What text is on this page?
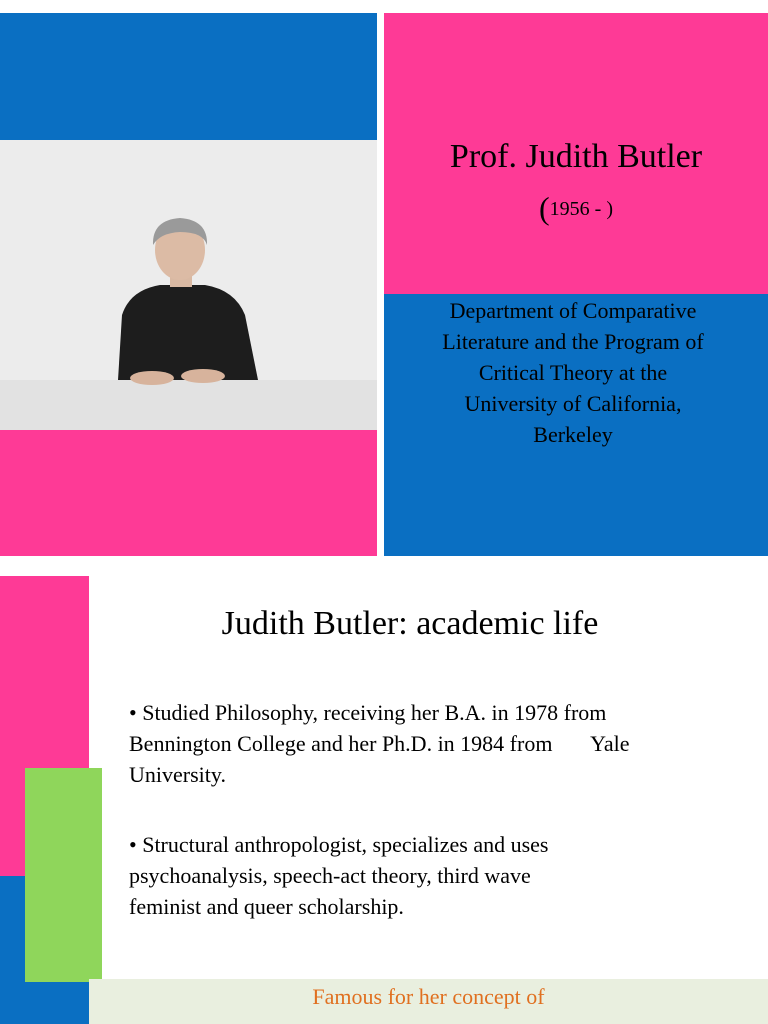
Prof. Judith Butler
(1956 - )
Department of Comparative
Literature and the Program of
Critical Theory at the
University of California,
Berkeley
Judith Butler: academic life
• Studied Philosophy, receiving her B.A. in 1978 from
Bennington College and her Ph.D. in 1984 from       Yale
University.
• Structural anthropologist, specializes and uses
psychoanalysis, speech-act theory, third wave
feminist and queer scholarship.
Famous for her concept of
